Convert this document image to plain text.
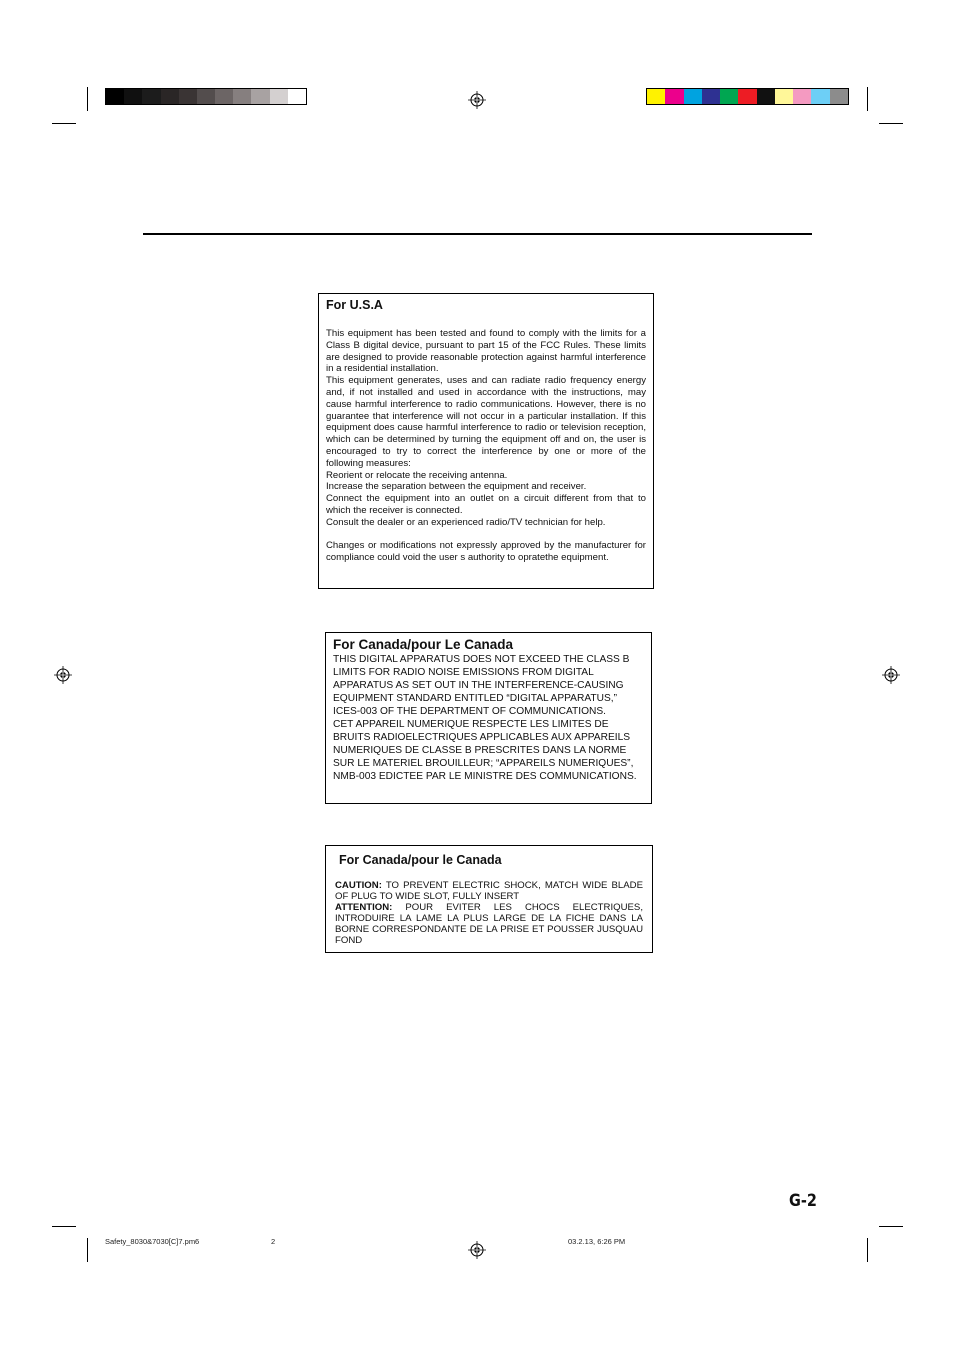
For U.S.A

This equipment has been tested and found to comply with the limits for a Class B digital device, pursuant to part 15 of the FCC Rules. These limits are designed to provide reasonable protection against harmful interference in a residential installation.

This equipment generates, uses and can radiate radio frequency energy and, if not installed and used in accordance with the instructions, may cause harmful interference to radio communications. However, there is no guarantee that interference will not occur in a particular installation. If this equipment does cause harmful interference to radio or television reception, which can be determined by turning the equipment off and on, the user is encouraged to try to correct the interference by one or more of the following measures:

Reorient or relocate the receiving antenna.

Increase the separation between the equipment and receiver.

Connect the equipment into an outlet on a circuit different from that to which the receiver is connected.

Consult the dealer or an experienced radio/TV technician for help.

Changes or modifications not expressly approved by the manufacturer for compliance could void the user s authority to opratethe equipment.

For Canada/pour Le Canada

THIS DIGITAL APPARATUS DOES NOT EXCEED THE CLASS B LIMITS FOR RADIO NOISE EMISSIONS FROM DIGITAL APPARATUS AS SET OUT IN THE INTERFERENCE-CAUSING EQUIPMENT STANDARD ENTITLED “DIGITAL APPARATUS,” ICES-003 OF THE DEPARTMENT OF COMMUNICATIONS.

CET APPAREIL NUMERIQUE RESPECTE LES LIMITES DE BRUITS RADIOELECTRIQUES APPLICABLES AUX APPAREILS NUMERIQUES DE CLASSE B PRESCRITES DANS LA NORME SUR LE MATERIEL BROUILLEUR; “APPAREILS NUMERIQUES”, NMB-003 EDICTEE PAR LE MINISTRE DES COMMUNICATIONS.

For Canada/pour le Canada

CAUTION: TO PREVENT ELECTRIC SHOCK, MATCH WIDE BLADE OF PLUG TO WIDE SLOT, FULLY INSERT

ATTENTION: POUR EVITER LES CHOCS ELECTRIQUES, INTRODUIRE LA LAME LA PLUS LARGE DE LA FICHE DANS LA BORNE CORRESPONDANTE DE LA PRISE ET POUSSER JUSQUAU FOND

G-2
Safety_8030&7030[C]7.pm6	2	03.2.13, 6:26 PM
